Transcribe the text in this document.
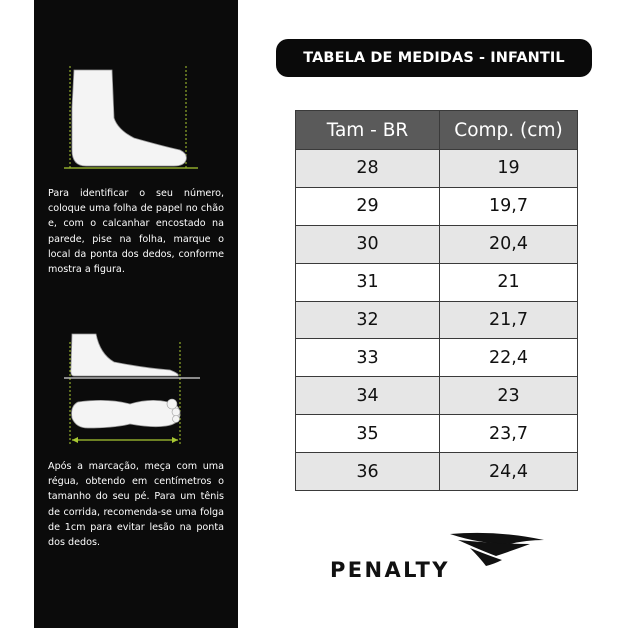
Para identificar o seu número, coloque uma folha de papel no chão e, com o calcanhar encostado na parede, pise na folha, marque o local da ponta dos dedos, conforme mostra a figura.

Após a marcação, meça com uma régua, obtendo em centímetros o tamanho do seu pé. Para um tênis de corrida, recomenda-se uma folga de 1cm para evitar lesão na ponta dos dedos.

TABELA DE MEDIDAS - INFANTIL
Tam - BR	Comp. (cm)
28	19
29	19,7
30	20,4
31	21
32	21,7
33	22,4
34	23
35	23,7
36	24,4
PENALTY
